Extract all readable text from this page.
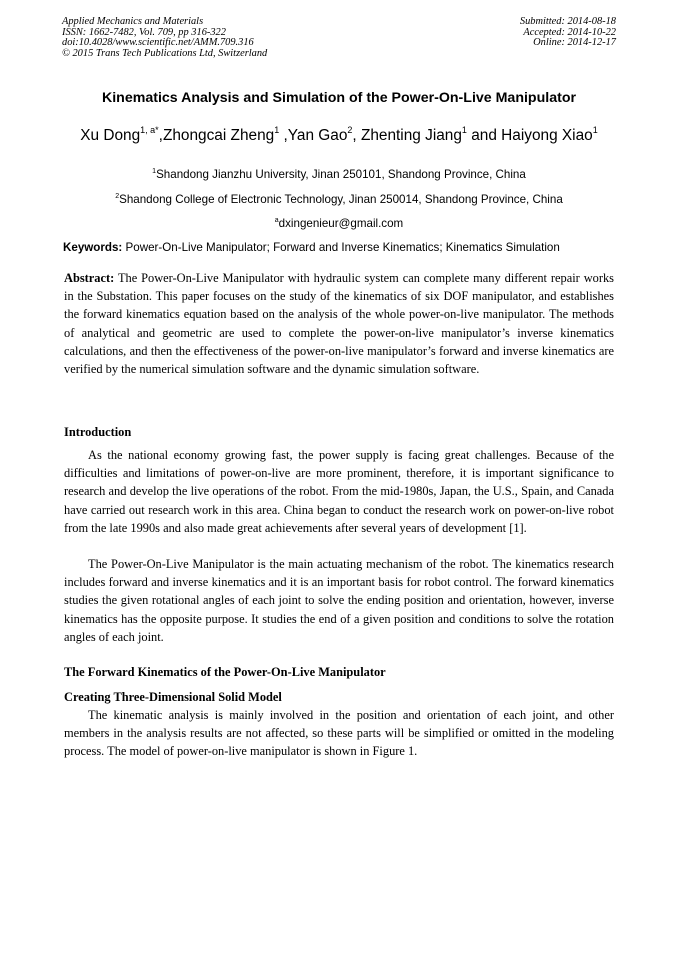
Applied Mechanics and Materials
ISSN: 1662-7482, Vol. 709, pp 316-322
doi:10.4028/www.scientific.net/AMM.709.316
© 2015 Trans Tech Publications Ltd, Switzerland
Submitted: 2014-08-18
Accepted: 2014-10-22
Online: 2014-12-17
Kinematics Analysis and Simulation of the Power-On-Live Manipulator
Xu Dong$^{1, a*}$,Zhongcai Zheng$^1$ ,Yan Gao$^2$, Zhenting Jiang$^1$ and Haiyong Xiao$^1$
$^1$Shandong Jianzhu University, Jinan 250101, Shandong Province, China
$^2$Shandong College of Electronic Technology, Jinan 250014, Shandong Province, China
$^a$dxingenieur@gmail.com
Keywords: Power-On-Live Manipulator; Forward and Inverse Kinematics; Kinematics Simulation
Abstract: The Power-On-Live Manipulator with hydraulic system can complete many different repair works in the Substation. This paper focuses on the study of the kinematics of six DOF manipulator, and establishes the forward kinematics equation based on the analysis of the whole power-on-live manipulator. The methods of analytical and geometric are used to complete the power-on-live manipulator’s inverse kinematics calculations, and then the effectiveness of the power-on-live manipulator’s forward and inverse kinematics are verified by the numerical simulation software and the dynamic simulation software.
Introduction
As the national economy growing fast, the power supply is facing great challenges. Because of the difficulties and limitations of power-on-live are more prominent, therefore, it is important significance to research and develop the live operations of the robot. From the mid-1980s, Japan, the U.S., Spain, and Canada have carried out research work in this area. China began to conduct the research work on power-on-live robot from the late 1990s and also made great achievements after several years of development [1].
The Power-On-Live Manipulator is the main actuating mechanism of the robot. The kinematics research includes forward and inverse kinematics and it is an important basis for robot control. The forward kinematics studies the given rotational angles of each joint to solve the ending position and orientation, however, inverse kinematics has the opposite purpose. It studies the end of a given position and conditions to solve the rotation angles of each joint.
The Forward Kinematics of the Power-On-Live Manipulator
Creating Three-Dimensional Solid Model
The kinematic analysis is mainly involved in the position and orientation of each joint, and other members in the analysis results are not affected, so these parts will be simplified or omitted in the modeling process. The model of power-on-live manipulator is shown in Figure 1.
